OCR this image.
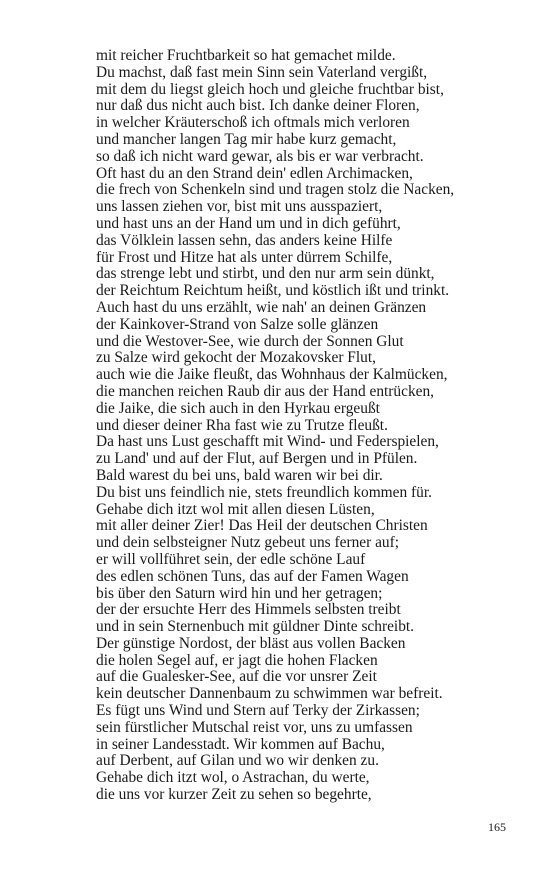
mit reicher Fruchtbarkeit so hat gemachet milde.
Du machst, daß fast mein Sinn sein Vaterland vergißt,
mit dem du liegst gleich hoch und gleiche fruchtbar bist,
nur daß dus nicht auch bist. Ich danke deiner Floren,
in welcher Kräuterschoß ich oftmals mich verloren
und mancher langen Tag mir habe kurz gemacht,
so daß ich nicht ward gewar, als bis er war verbracht.
Oft hast du an den Strand dein' edlen Archimacken,
die frech von Schenkeln sind und tragen stolz die Nacken,
uns lassen ziehen vor, bist mit uns ausspaziert,
und hast uns an der Hand um und in dich geführt,
das Völklein lassen sehn, das anders keine Hilfe
für Frost und Hitze hat als unter dürrem Schilfe,
das strenge lebt und stirbt, und den nur arm sein dünkt,
der Reichtum Reichtum heißt, und köstlich ißt und trinkt.
Auch hast du uns erzählt, wie nah' an deinen Gränzen
der Kainkover-Strand von Salze solle glänzen
und die Westover-See, wie durch der Sonnen Glut
zu Salze wird gekocht der Mozakovsker Flut,
auch wie die Jaike fleußt, das Wohnhaus der Kalmücken,
die manchen reichen Raub dir aus der Hand entrücken,
die Jaike, die sich auch in den Hyrkau ergeußt
und dieser deiner Rha fast wie zu Trutze fleußt.
Da hast uns Lust geschafft mit Wind- und Federspielen,
zu Land' und auf der Flut, auf Bergen und in Pfülen.
Bald warest du bei uns, bald waren wir bei dir.
Du bist uns feindlich nie, stets freundlich kommen für.
Gehabe dich itzt wol mit allen diesen Lüsten,
mit aller deiner Zier! Das Heil der deutschen Christen
und dein selbsteigner Nutz gebeut uns ferner auf;
er will vollführet sein, der edle schöne Lauf
des edlen schönen Tuns, das auf der Famen Wagen
bis über den Saturn wird hin und her getragen;
der der ersuchte Herr des Himmels selbsten treibt
und in sein Sternenbuch mit güldner Dinte schreibt.
Der günstige Nordost, der bläst aus vollen Backen
die holen Segel auf, er jagt die hohen Flacken
auf die Gualesker-See, auf die vor unsrer Zeit
kein deutscher Dannenbaum zu schwimmen war befreit.
Es fügt uns Wind und Stern auf Terky der Zirkassen;
sein fürstlicher Mutschal reist vor, uns zu umfassen
in seiner Landesstadt. Wir kommen auf Bachu,
auf Derbent, auf Gilan und wo wir denken zu.
Gehabe dich itzt wol, o Astrachan, du werte,
die uns vor kurzer Zeit zu sehen so begehrte,
165
